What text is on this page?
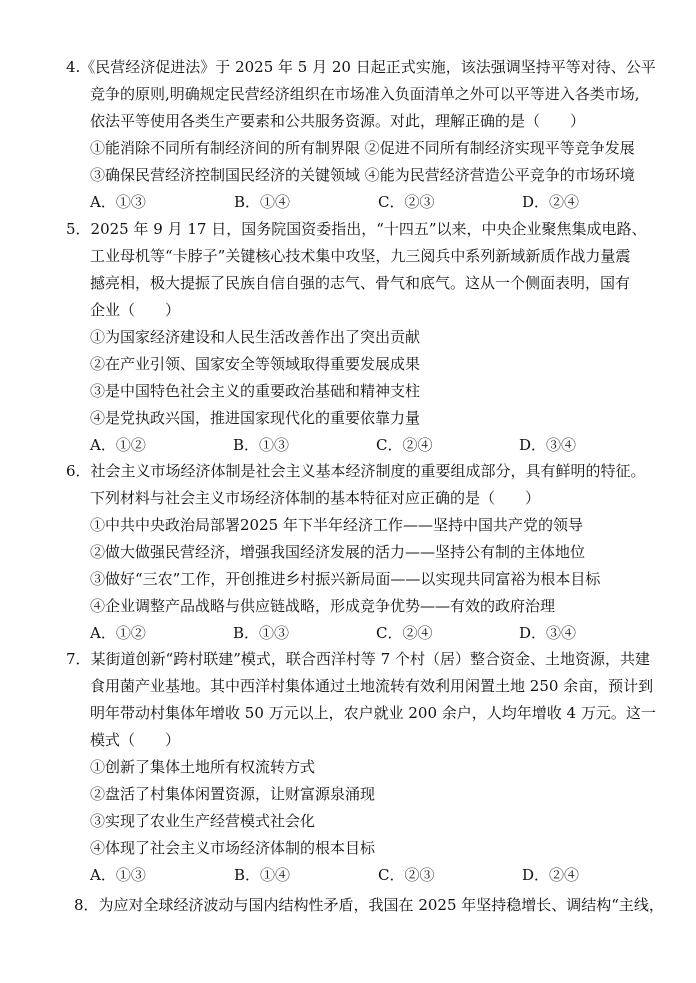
4.《民营经济促进法》于 2025 年 5 月 20 日起正式实施，该法强调坚持平等对待、公平
竞争的原则,明确规定民营经济组织在市场准入负面清单之外可以平等进入各类市场,
依法平等使用各类生产要素和公共服务资源。对此，理解正确的是（　　）
①能消除不同所有制经济间的所有制界限 ②促进不同所有制经济实现平等竞争发展
③确保民营经济控制国民经济的关键领域 ④能为民营经济营造公平竞争的市场环境
A．①③	B．①④	C．②③	D．②④
5．2025 年 9 月 17 日，国务院国资委指出，“十四五”以来，中央企业聚焦集成电路、
工业母机等“卡脖子”关键核心技术集中攻坚，九三阅兵中系列新域新质作战力量震
撼亮相，极大提振了民族自信自强的志气、骨气和底气。这从一个侧面表明，国有
企业（　　）
①为国家经济建设和人民生活改善作出了突出贡献
②在产业引领、国家安全等领域取得重要发展成果
③是中国特色社会主义的重要政治基础和精神支柱
④是党执政兴国，推进国家现代化的重要依靠力量
A．①②	B．①③	C．②④	D．③④
6．社会主义市场经济体制是社会主义基本经济制度的重要组成部分，具有鲜明的特征。
下列材料与社会主义市场经济体制的基本特征对应正确的是（　　）
①中共中央政治局部署2025 年下半年经济工作——坚持中国共产党的领导
②做大做强民营经济，增强我国经济发展的活力——坚持公有制的主体地位
③做好“三农”工作，开创推进乡村振兴新局面——以实现共同富裕为根本目标
④企业调整产品战略与供应链战略，形成竞争优势——有效的政府治理
A．①②	B．①③	C．②④	D．③④
7．某街道创新“跨村联建”模式，联合西洋村等 7 个村（居）整合资金、土地资源，共建
食用菌产业基地。其中西洋村集体通过土地流转有效利用闲置土地 250 余亩，预计到
明年带动村集体年增收 50 万元以上，农户就业 200 余户，人均年增收 4 万元。这一
模式（　　）
①创新了集体土地所有权流转方式
②盘活了村集体闲置资源，让财富源泉涌现
③实现了农业生产经营模式社会化
④体现了社会主义市场经济体制的根本目标
A．①③	B．①④	C．②③	D．②④
8．为应对全球经济波动与国内结构性矛盾，我国在 2025 年坚持稳增长、调结构“主线，
